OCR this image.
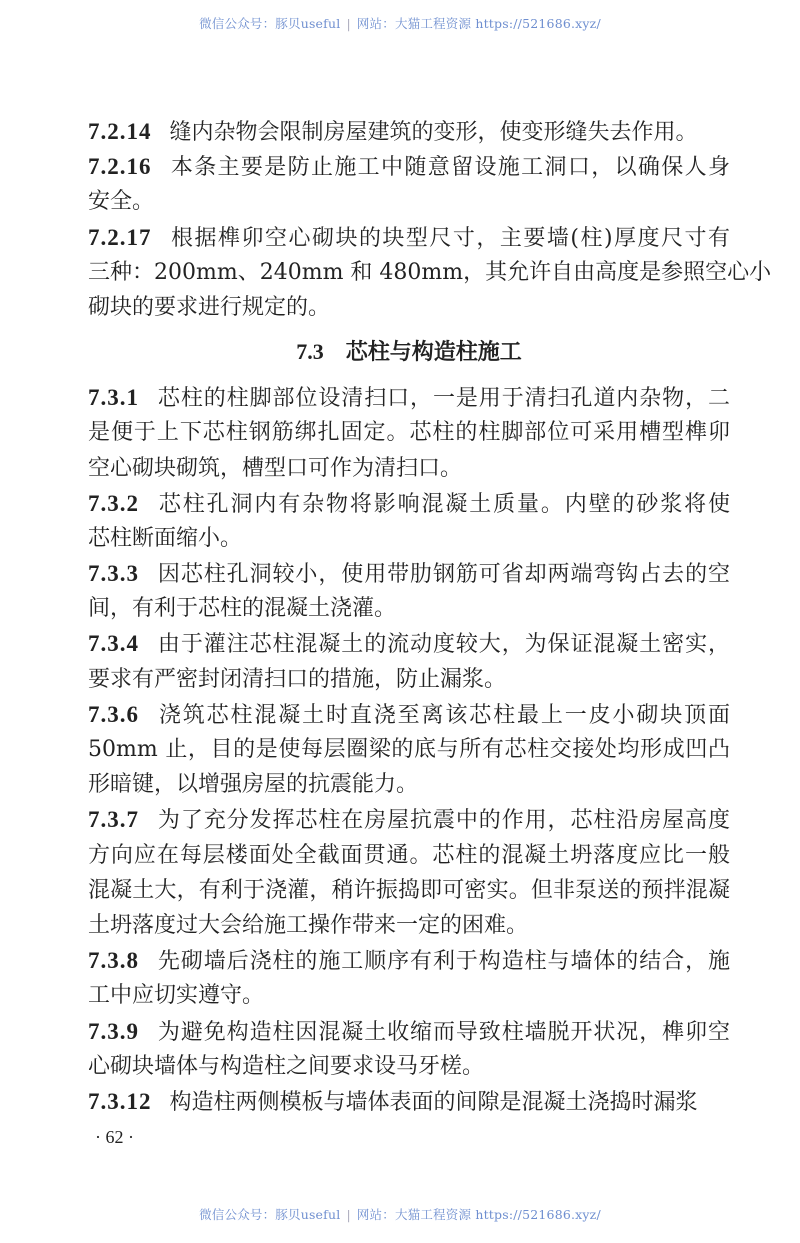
微信公众号：豚贝useful | 网站：大猫工程资源 https://521686.xyz/
7.2.14 缝内杂物会限制房屋建筑的变形，使变形缝失去作用。
7.2.16 本条主要是防止施工中随意留设施工洞口，以确保人身
安全。
7.2.17 根据榫卯空心砌块的块型尺寸，主要墙(柱)厚度尺寸有
三种：200mm、240mm 和 480mm，其允许自由高度是参照空心小
砌块的要求进行规定的。
7.3 芯柱与构造柱施工
7.3.1 芯柱的柱脚部位设清扫口，一是用于清扫孔道内杂物，二
是便于上下芯柱钢筋绑扎固定。芯柱的柱脚部位可采用槽型榫卯
空心砌块砌筑，槽型口可作为清扫口。
7.3.2 芯柱孔洞内有杂物将影响混凝土质量。内壁的砂浆将使
芯柱断面缩小。
7.3.3 因芯柱孔洞较小，使用带肋钢筋可省却两端弯钩占去的空
间，有利于芯柱的混凝土浇灌。
7.3.4 由于灌注芯柱混凝土的流动度较大，为保证混凝土密实，
要求有严密封闭清扫口的措施，防止漏浆。
7.3.6 浇筑芯柱混凝土时直浇至离该芯柱最上一皮小砌块顶面
50mm 止，目的是使每层圈梁的底与所有芯柱交接处均形成凹凸
形暗键，以增强房屋的抗震能力。
7.3.7 为了充分发挥芯柱在房屋抗震中的作用，芯柱沿房屋高度
方向应在每层楼面处全截面贯通。芯柱的混凝土坍落度应比一般
混凝土大，有利于浇灌，稍许振捣即可密实。但非泵送的预拌混凝
土坍落度过大会给施工操作带来一定的困难。
7.3.8 先砌墙后浇柱的施工顺序有利于构造柱与墙体的结合，施
工中应切实遵守。
7.3.9 为避免构造柱因混凝土收缩而导致柱墙脱开状况，榫卯空
心砌块墙体与构造柱之间要求设马牙槎。
7.3.12 构造柱两侧模板与墙体表面的间隙是混凝土浇捣时漏浆
· 62 ·
微信公众号：豚贝useful | 网站：大猫工程资源 https://521686.xyz/
